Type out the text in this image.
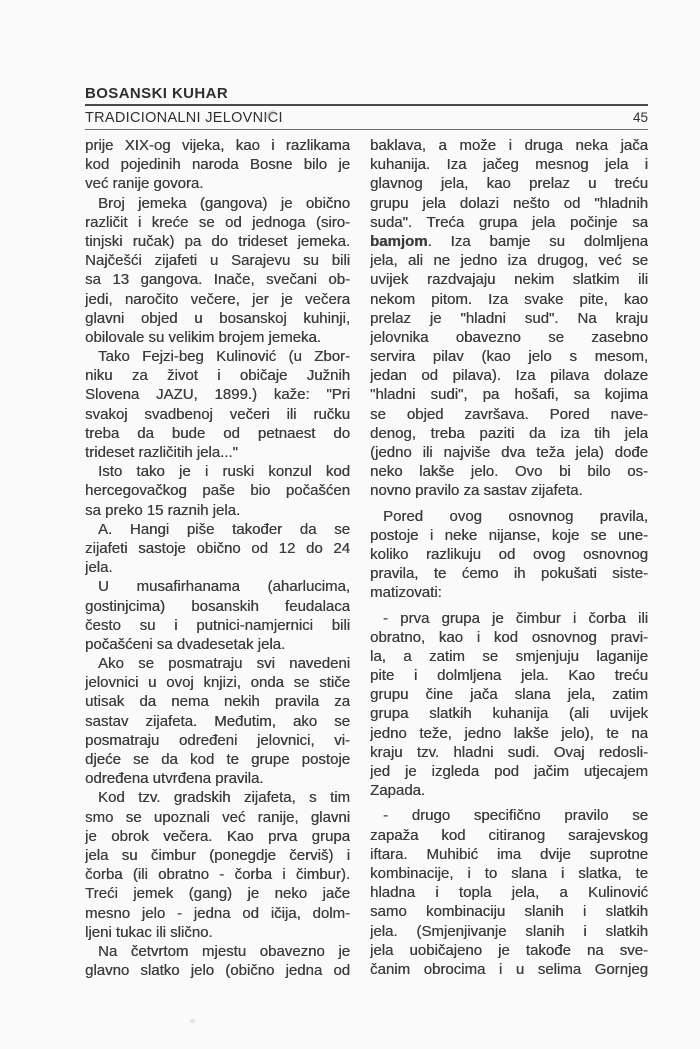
BOSANSKI KUHAR
TRADICIONALNI JELOVNICI	45
prije XIX-og vijeka, kao i razlikama
kod pojedinih naroda Bosne bilo je
već ranije govora.
Broj jemeka (gangova) je obično
različit i kreće se od jednoga (siro-
tinjski ručak) pa do trideset jemeka.
Najčešći zijafeti u Sarajevu su bili
sa 13 gangova. Inače, svečani ob-
jedi, naročito večere, jer je večera
glavni objed u bosanskoj kuhinji,
obilovale su velikim brojem jemeka.
Tako Fejzi-beg Kulinović (u Zbor-
niku za život i običaje Južnih
Slovena JAZU, 1899.) kaže: "Pri
svakoj svadbenoj večeri ili ručku
treba da bude od petnaest do
trideset različitih jela..."
Isto tako je i ruski konzul kod
hercegovačkog paše bio počašćen
sa preko 15 raznih jela.
A. Hangi piše također da se
zijafeti sastoje obično od 12 do 24
jela.
U musafirhanama (aharlucima,
gostinjcima) bosanskih feudalaca
često su i putnici-namjernici bili
počašćeni sa dvadesetak jela.
Ako se posmatraju svi navedeni
jelovnici u ovoj knjizi, onda se stiče
utisak da nema nekih pravila za
sastav zijafeta. Međutim, ako se
posmatraju određeni jelovnici, vi-
djeće se da kod te grupe postoje
određena utvrđena pravila.
Kod tzv. gradskih zijafeta, s tim
smo se upoznali već ranije, glavni
je obrok večera. Kao prva grupa
jela su čimbur (ponegdje červiš) i
čorba (ili obratno - čorba i čimbur).
Treći jemek (gang) je neko jače
mesno jelo - jedna od ičija, dolm-
ljeni tukac ili slično.
Na četvrtom mjestu obavezno je
glavno slatko jelo (obično jedna od
baklava, a može i druga neka jača
kuhanija. Iza jačeg mesnog jela i
glavnog jela, kao prelaz u treću
grupu jela dolazi nešto od "hladnih
suda". Treća grupa jela počinje sa
bamjom. Iza bamje su dolmljena
jela, ali ne jedno iza drugog, već se
uvijek razdvajaju nekim slatkim ili
nekom pitom. Iza svake pite, kao
prelaz je "hladni sud". Na kraju
jelovnika obavezno se zasebno
servira pilav (kao jelo s mesom,
jedan od pilava). Iza pilava dolaze
"hladni sudi", pa hošafi, sa kojima
se objed završava. Pored nave-
denog, treba paziti da iza tih jela
(jedno ili najviše dva teža jela) dođe
neko lakše jelo. Ovo bi bilo os-
novno pravilo za sastav zijafeta.
Pored ovog osnovnog pravila,
postoje i neke nijanse, koje se une-
koliko razlikuju od ovog osnovnog
pravila, te ćemo ih pokušati siste-
matizovati:
- prva grupa je čimbur i čorba ili
obratno, kao i kod osnovnog pravi-
la, a zatim se smjenjuju laganije
pite i dolmljena jela. Kao treću
grupu čine jača slana jela, zatim
grupa slatkih kuhanija (ali uvijek
jedno teže, jedno lakše jelo), te na
kraju tzv. hladni sudi. Ovaj redosli-
jed je izgleda pod jačim utjecajem
Zapada.
- drugo specifično pravilo se
zapaža kod citiranog sarajevskog
iftara. Muhibić ima dvije suprotne
kombinacije, i to slana i slatka, te
hladna i topla jela, a Kulinović
samo kombinaciju slanih i slatkih
jela. (Smjenjivanje slanih i slatkih
jela uobičajeno je takođe na sve-
čanim obrocima i u selima Gornjeg
